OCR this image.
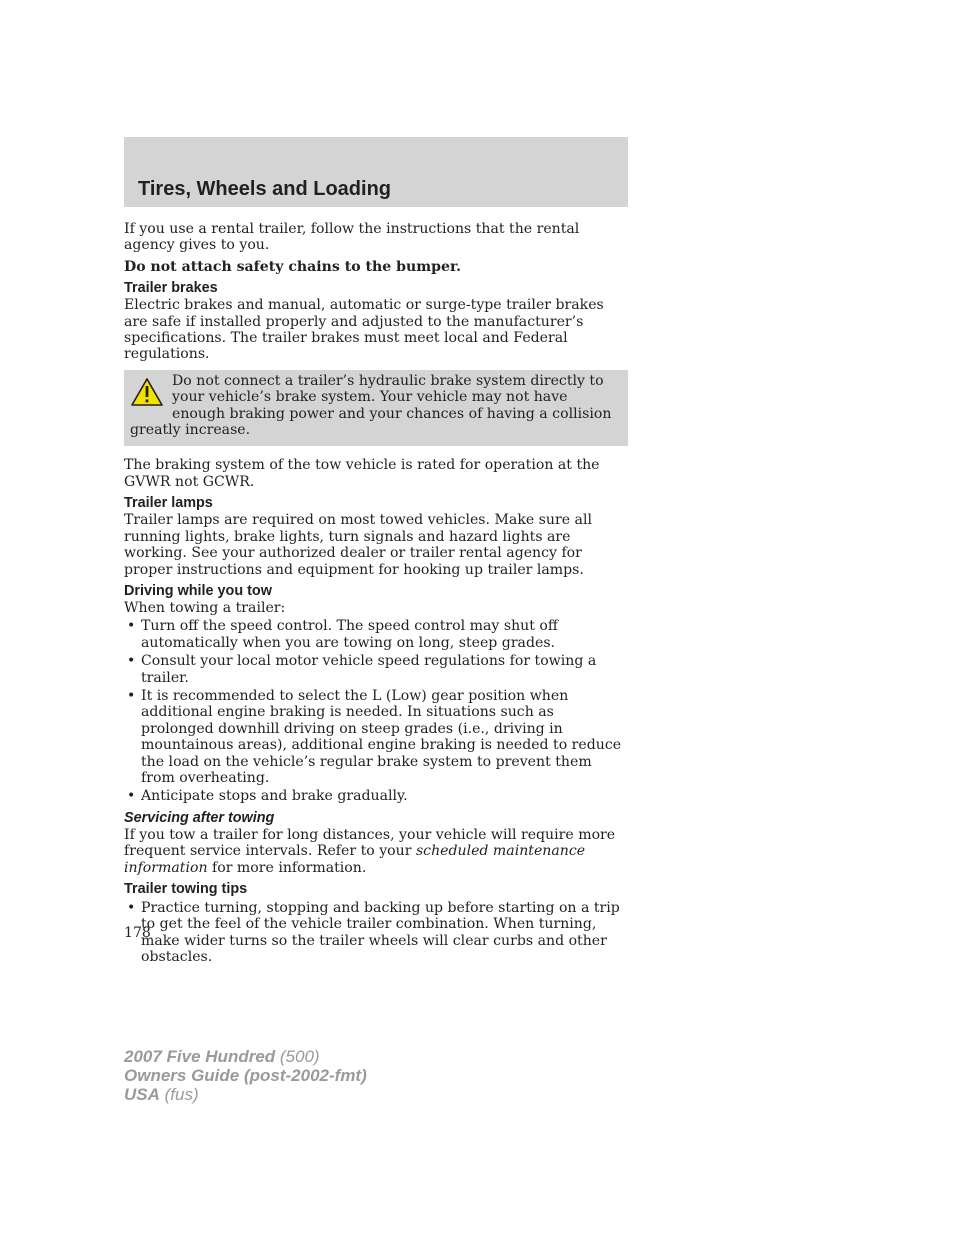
Tires, Wheels and Loading

If you use a rental trailer, follow the instructions that the rental agency gives to you.

Do not attach safety chains to the bumper.

Trailer brakes

Electric brakes and manual, automatic or surge-type trailer brakes are safe if installed properly and adjusted to the manufacturer’s specifications. The trailer brakes must meet local and Federal regulations.

Do not connect a trailer’s hydraulic brake system directly to your vehicle’s brake system. Your vehicle may not have enough braking power and your chances of having a collision greatly increase.

The braking system of the tow vehicle is rated for operation at the GVWR not GCWR.

Trailer lamps

Trailer lamps are required on most towed vehicles. Make sure all running lights, brake lights, turn signals and hazard lights are working. See your authorized dealer or trailer rental agency for proper instructions and equipment for hooking up trailer lamps.

Driving while you tow

When towing a trailer:

• Turn off the speed control. The speed control may shut off automatically when you are towing on long, steep grades.
• Consult your local motor vehicle speed regulations for towing a trailer.
• It is recommended to select the L (Low) gear position when additional engine braking is needed. In situations such as prolonged downhill driving on steep grades (i.e., driving in mountainous areas), additional engine braking is needed to reduce the load on the vehicle’s regular brake system to prevent them from overheating.
• Anticipate stops and brake gradually.

Servicing after towing

If you tow a trailer for long distances, your vehicle will require more frequent service intervals. Refer to your scheduled maintenance information for more information.

Trailer towing tips

• Practice turning, stopping and backing up before starting on a trip to get the feel of the vehicle trailer combination. When turning, make wider turns so the trailer wheels will clear curbs and other obstacles.
178
2007 Five Hundred (500)
Owners Guide (post-2002-fmt)
USA (fus)
